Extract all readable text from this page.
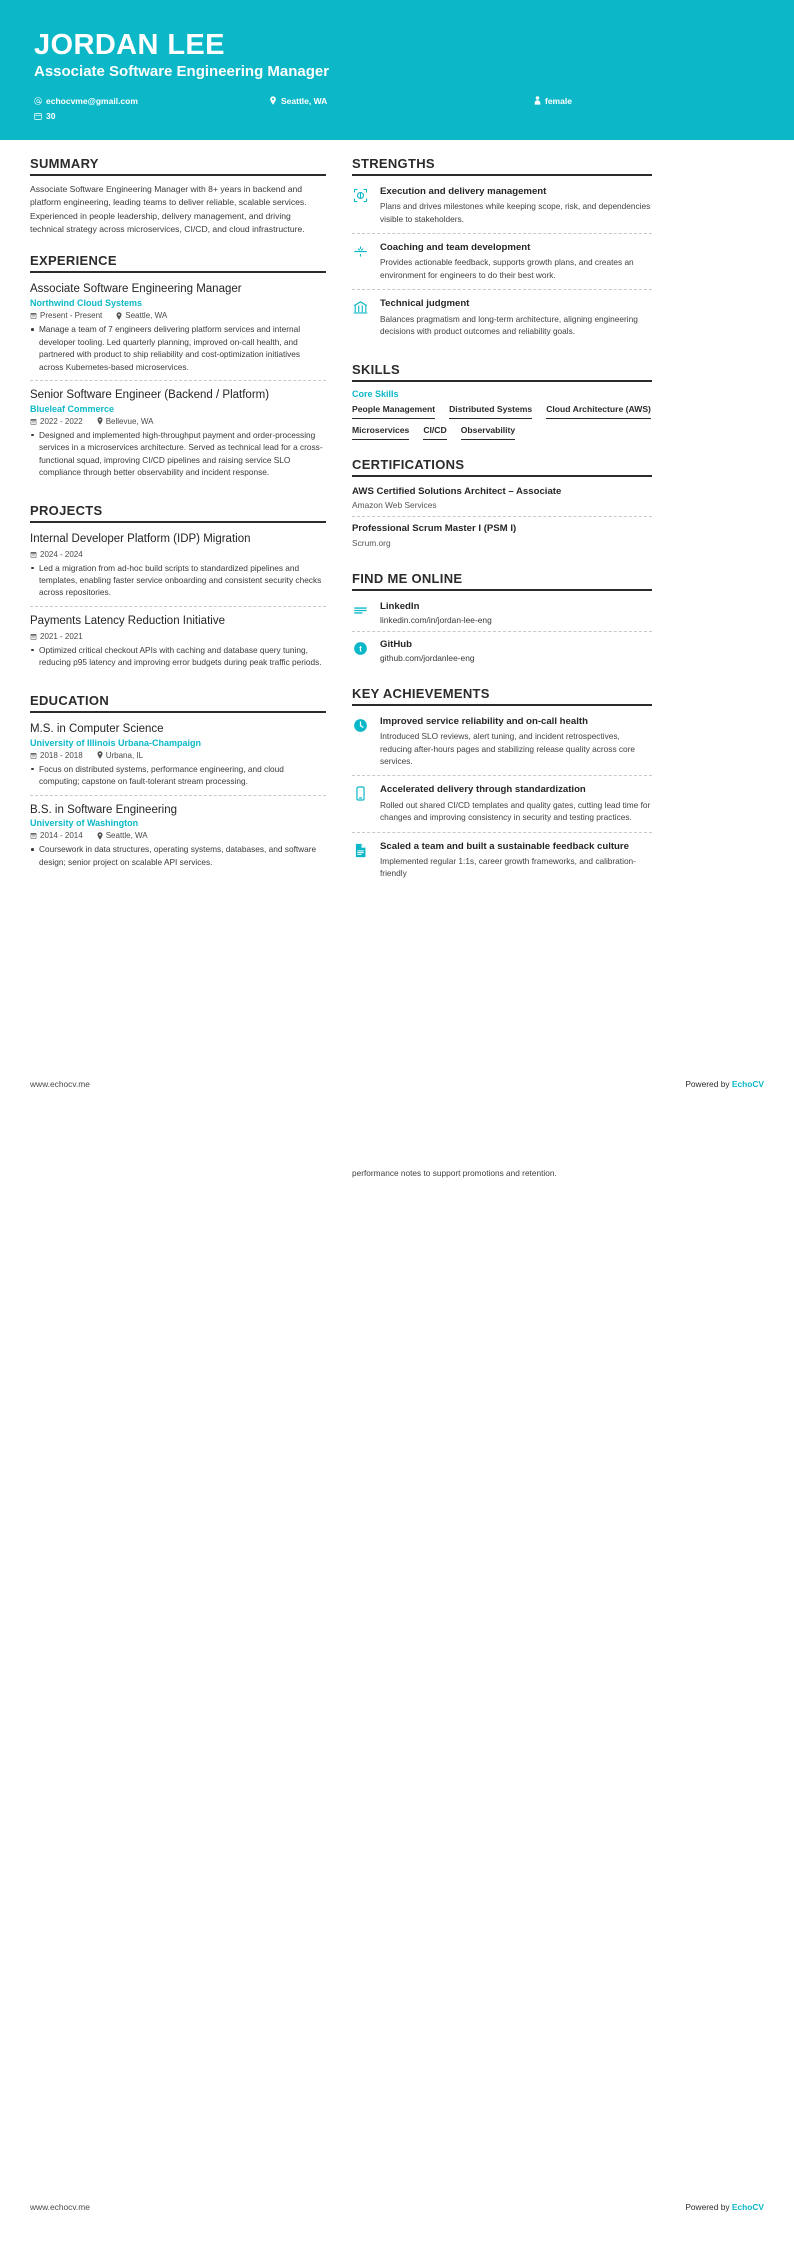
JORDAN LEE
Associate Software Engineering Manager
echocvme@gmail.com	Seattle, WA	female
30
SUMMARY
Associate Software Engineering Manager with 8+ years in backend and platform engineering, leading teams to deliver reliable, scalable services. Experienced in people leadership, delivery management, and driving technical strategy across microservices, CI/CD, and cloud infrastructure.
EXPERIENCE
Associate Software Engineering Manager
Northwind Cloud Systems
Present - Present	Seattle, WA
Manage a team of 7 engineers delivering platform services and internal developer tooling. Led quarterly planning, improved on-call health, and partnered with product to ship reliability and cost-optimization initiatives across Kubernetes-based microservices.
Senior Software Engineer (Backend / Platform)
Blueleaf Commerce
2022 - 2022	Bellevue, WA
Designed and implemented high-throughput payment and order-processing services in a microservices architecture. Served as technical lead for a cross-functional squad, improving CI/CD pipelines and raising service SLO compliance through better observability and incident response.
PROJECTS
Internal Developer Platform (IDP) Migration
2024 - 2024
Led a migration from ad-hoc build scripts to standardized pipelines and templates, enabling faster service onboarding and consistent security checks across repositories.
Payments Latency Reduction Initiative
2021 - 2021
Optimized critical checkout APIs with caching and database query tuning, reducing p95 latency and improving error budgets during peak traffic periods.
EDUCATION
M.S. in Computer Science
University of Illinois Urbana-Champaign
2018 - 2018	Urbana, IL
Focus on distributed systems, performance engineering, and cloud computing; capstone on fault-tolerant stream processing.
B.S. in Software Engineering
University of Washington
2014 - 2014	Seattle, WA
Coursework in data structures, operating systems, databases, and software design; senior project on scalable API services.
STRENGTHS
Execution and delivery management
Plans and drives milestones while keeping scope, risk, and dependencies visible to stakeholders.
Coaching and team development
Provides actionable feedback, supports growth plans, and creates an environment for engineers to do their best work.
Technical judgment
Balances pragmatism and long-term architecture, aligning engineering decisions with product outcomes and reliability goals.
SKILLS
Core Skills
People Management Distributed Systems Cloud Architecture (AWS)
Microservices CI/CD Observability
CERTIFICATIONS
AWS Certified Solutions Architect – Associate
Amazon Web Services
Professional Scrum Master I (PSM I)
Scrum.org
FIND ME ONLINE
LinkedIn
linkedin.com/in/jordan-lee-eng
t GitHub
github.com/jordanlee-eng
KEY ACHIEVEMENTS
Improved service reliability and on-call health
Introduced SLO reviews, alert tuning, and incident retrospectives, reducing after-hours pages and stabilizing release quality across core services.
Accelerated delivery through standardization
Rolled out shared CI/CD templates and quality gates, cutting lead time for changes and improving consistency in security and testing practices.
Scaled a team and built a sustainable feedback culture
Implemented regular 1:1s, career growth frameworks, and calibration-friendly
www.echocv.me	Powered by EchoCV
performance notes to support promotions and retention.
www.echocv.me	Powered by EchoCV
